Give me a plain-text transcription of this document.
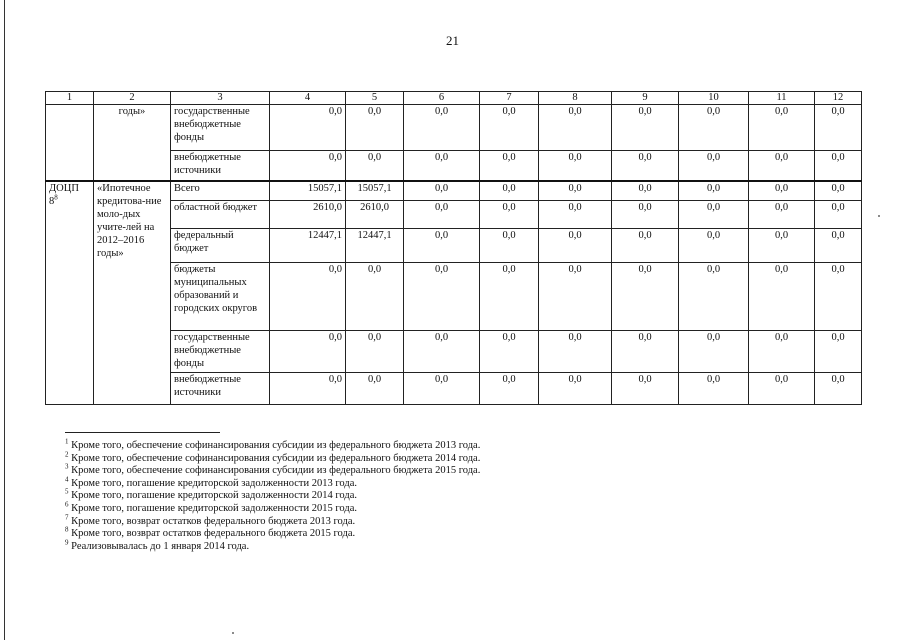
21
1	2	3	4	5	6	7	8	9	10	11	12
	годы»	государственные внебюджетные фонды	0,0	0,0	0,0	0,0	0,0	0,0	0,0	0,0	0,0
		внебюджетные источники	0,0	0,0	0,0	0,0	0,0	0,0	0,0	0,0	0,0
ДОЦП $8^8$	«Ипотечное кредитова-ние моло-дых учите-лей на 2012–2016 годы»	Всего	15057,1	15057,1	0,0	0,0	0,0	0,0	0,0	0,0	0,0
		областной бюджет	2610,0	2610,0	0,0	0,0	0,0	0,0	0,0	0,0	0,0
		федеральный бюджет	12447,1	12447,1	0,0	0,0	0,0	0,0	0,0	0,0	0,0
		бюджеты муниципальных образований и городских округов	0,0	0,0	0,0	0,0	0,0	0,0	0,0	0,0	0,0
		государственные внебюджетные фонды	0,0	0,0	0,0	0,0	0,0	0,0	0,0	0,0	0,0
		внебюджетные источники	0,0	0,0	0,0	0,0	0,0	0,0	0,0	0,0	0,0
$^1$ Кроме того, обеспечение софинансирования субсидии из федерального бюджета 2013 года.
$^2$ Кроме того, обеспечение софинансирования субсидии из федерального бюджета 2014 года.
$^3$ Кроме того, обеспечение софинансирования субсидии из федерального бюджета 2015 года.
$^4$ Кроме того, погашение кредиторской задолженности 2013 года.
$^5$ Кроме того, погашение кредиторской задолженности 2014 года.
$^6$ Кроме того, погашение кредиторской задолженности 2015 года.
$^7$ Кроме того, возврат остатков федерального бюджета 2013 года.
$^8$ Кроме того, возврат остатков федерального бюджета 2015 года.
$^9$ Реализовывалась до 1 января 2014 года.
